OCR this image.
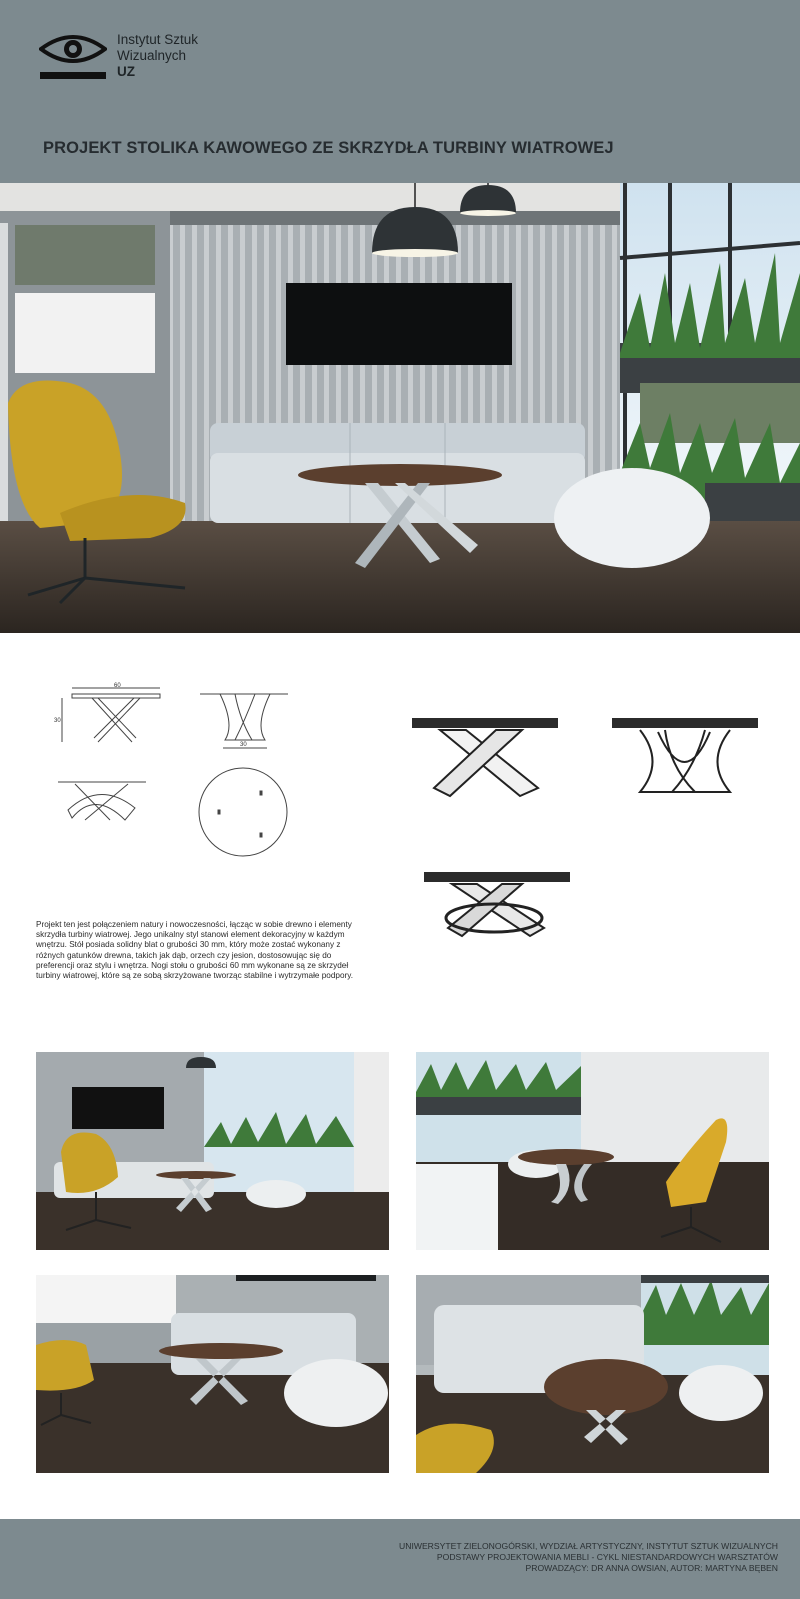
Instytut Sztuk
Wizualnych
UZ
PROJEKT STOLIKA KAWOWEGO ZE SKRZYDŁA TURBINY WIATROWEJ
60
30
30
Projekt ten jest połączeniem natury i nowoczesności, łącząc w sobie drewno i elementy skrzydła turbiny wiatrowej. Jego unikalny styl stanowi element dekoracyjny w każdym wnętrzu. Stół posiada solidny blat o grubości 30 mm, który może zostać wykonany z różnych gatunków drewna, takich jak dąb, orzech czy jesion, dostosowując się do preferencji oraz stylu i wnętrza. Nogi stołu o grubości 60 mm wykonane są ze skrzydeł turbiny wiatrowej, które są ze sobą skrzyżowane tworząc stabilne i wytrzymałe podpory.
UNIWERSYTET ZIELONOGÓRSKI, WYDZIAŁ ARTYSTYCZNY, INSTYTUT SZTUK WIZUALNYCH
PODSTAWY PROJEKTOWANIA MEBLI - CYKL NIESTANDARDOWYCH WARSZTATÓW
PROWADZĄCY: DR ANNA OWSIAN, AUTOR: MARTYNA BĘBEN
